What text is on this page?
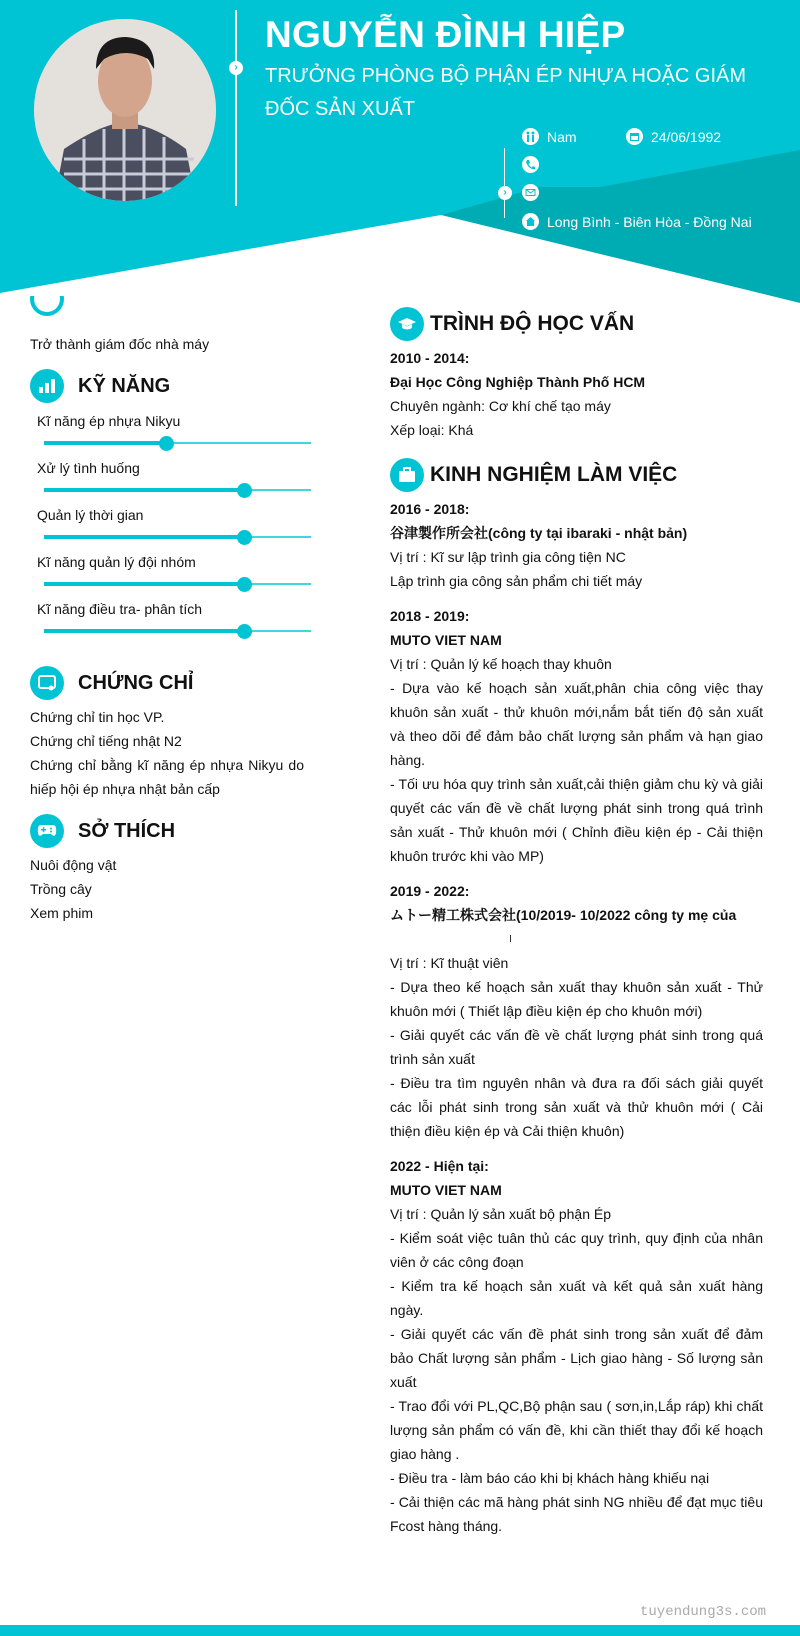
›
NGUYỄN ĐÌNH HIỆP
TRƯỞNG PHÒNG BỘ PHẬN ÉP NHỰA HOẶC GIÁM ĐỐC SẢN XUẤT
›
Nam	24/06/1992
Long Bình - Biên Hòa - Đồng Nai
Trở thành giám đốc nhà máy
KỸ NĂNG
Kĩ năng ép nhựa Nikyu
Xử lý tình huống
Quản lý thời gian
Kĩ năng quản lý đội nhóm
Kĩ năng điều tra- phân tích
CHỨNG CHỈ
Chứng chỉ tin học VP.
Chứng chỉ tiếng nhật N2
Chứng chỉ bằng kĩ năng ép nhựa Nikyu do hiếp hội ép nhựa nhật bản cấp
SỞ THÍCH
Nuôi động vật
Trồng cây
Xem phim
TRÌNH ĐỘ HỌC VẤN
2010 - 2014:
Đại Học Công Nghiệp Thành Phố HCM
Chuyên ngành: Cơ khí chế tạo máy
Xếp loại: Khá
KINH NGHIỆM LÀM VIỆC
2016 - 2018:
谷津製作所会社(công ty tại ibaraki - nhật bản)
Vị trí : Kĩ sư lập trình gia công tiện NC
Lập trình gia công sản phẩm chi tiết máy
2018 - 2019:
MUTO VIET NAM
Vị trí : Quản lý kế hoạch thay khuôn
- Dựa vào kế hoạch sản xuất,phân chia công việc thay khuôn sản xuất - thử khuôn mới,nắm bắt tiến độ sản xuất và theo dõi để đảm bảo chất lượng sản phẩm và hạn giao hàng.
- Tối ưu hóa quy trình sản xuất,cải thiện giảm chu kỳ và giải quyết các vấn đề về chất lượng phát sinh trong quá trình sản xuất - Thử khuôn mới ( Chỉnh điều kiện ép - Cải thiện khuôn trước khi vào MP)
2019 - 2022:
ムトー精工株式会社(10/2019- 10/2022 công ty mẹ của
Vị trí : Kĩ thuật viên
- Dựa theo kế hoạch sản xuất thay khuôn sản xuất - Thử khuôn mới ( Thiết lập điều kiện ép cho khuôn mới)
- Giải quyết các vấn đề về chất lượng phát sinh trong quá trình sản xuất
- Điều tra tìm nguyên nhân và đưa ra đối sách giải quyết các lỗi phát sinh trong sản xuất và thử khuôn mới ( Cải thiện điều kiện ép và Cải thiện khuôn)
2022 - Hiện tại:
MUTO VIET NAM
Vị trí : Quản lý sản xuất bộ phận Ép
- Kiểm soát việc tuân thủ các quy trình, quy định của nhân viên ở các công đoạn
- Kiểm tra kế hoạch sản xuất và kết quả sản xuất hàng ngày.
- Giải quyết các vấn đề phát sinh trong sản xuất để đảm bảo Chất lượng sản phẩm - Lịch giao hàng - Số lượng sản xuất
- Trao đổi với PL,QC,Bộ phận sau ( sơn,in,Lắp ráp) khi chất lượng sản phẩm có vấn đề, khi cần thiết thay đổi kế hoạch giao hàng .
- Điều tra - làm báo cáo khi bị khách hàng khiếu nại
- Cải thiện các mã hàng phát sinh NG nhiều để đạt mục tiêu Fcost hàng tháng.
tuyendung3s.com
